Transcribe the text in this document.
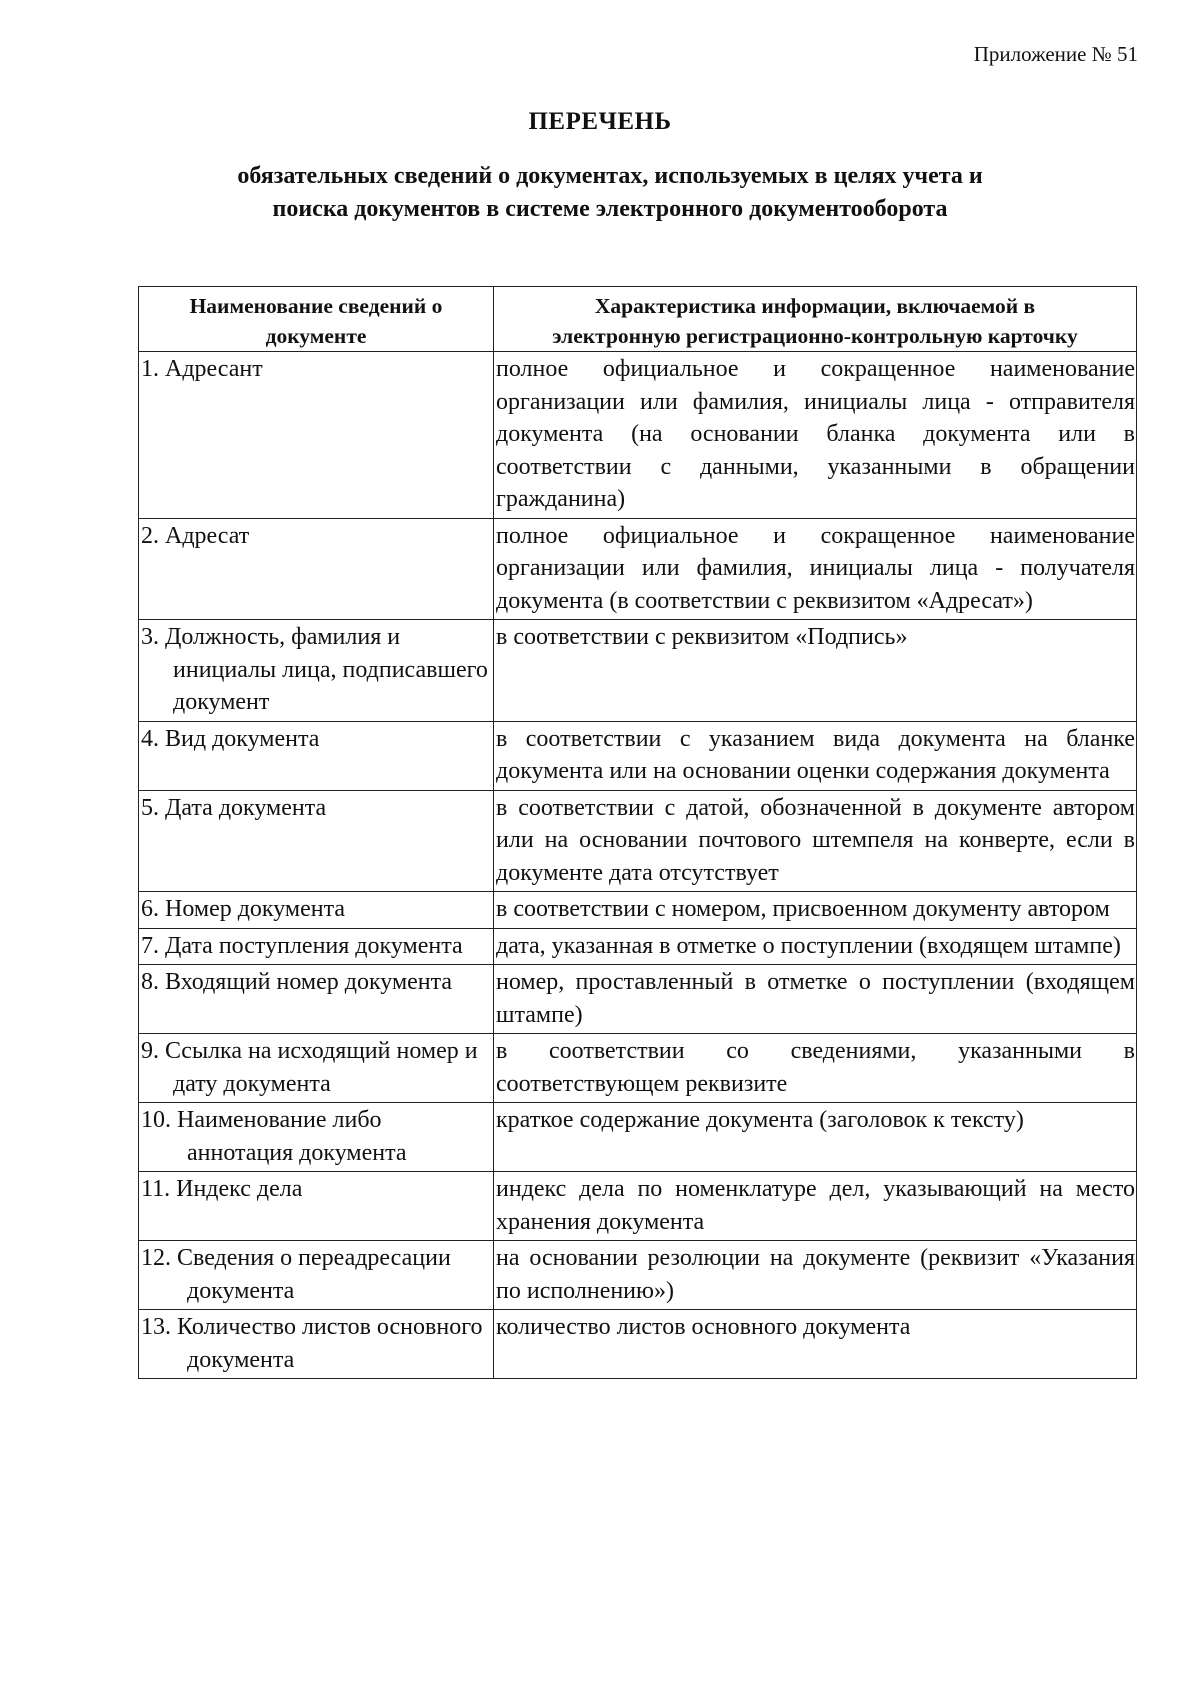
Приложение № 51
ПЕРЕЧЕНЬ
обязательных сведений о документах, используемых в целях учета и
поиска документов в системе электронного документооборота
Наименование сведений о документе	Характеристика информации, включаемой в электронную регистрационно-контрольную карточку

1. Адресант	полное официальное и сокращенное наименование организации или фамилия, инициалы лица - отправителя документа (на основании бланка документа или в соответствии с данными, указанными в обращении гражданина)

2. Адресат	полное официальное и сокращенное наименование организации или фамилия, инициалы лица - получателя документа (в соответствии с реквизитом «Адресат»)

3. Должность, фамилия и инициалы лица, подписавшего документ	в соответствии с реквизитом «Подпись»

4. Вид документа	в соответствии с указанием вида документа на бланке документа или на основании оценки содержания документа

5. Дата документа	в соответствии с датой, обозначенной в документе автором или на основании почтового штемпеля на конверте, если в документе дата отсутствует

6. Номер документа	в соответствии с номером, присвоенном документу автором

7. Дата поступления документа	дата, указанная в отметке о поступлении (входящем штампе)

8. Входящий номер документа	номер, проставленный в отметке о поступлении (входящем штампе)

9. Ссылка на исходящий номер и дату документа	в соответствии со сведениями, указанными в соответствующем реквизите

10. Наименование либо аннотация документа	краткое содержание документа (заголовок к тексту)

11. Индекс дела	индекс дела по номенклатуре дел, указывающий на место хранения документа

12. Сведения о переадресации документа	на основании резолюции на документе (реквизит «Указания по исполнению»)

13. Количество листов основного документа	количество листов основного документа
